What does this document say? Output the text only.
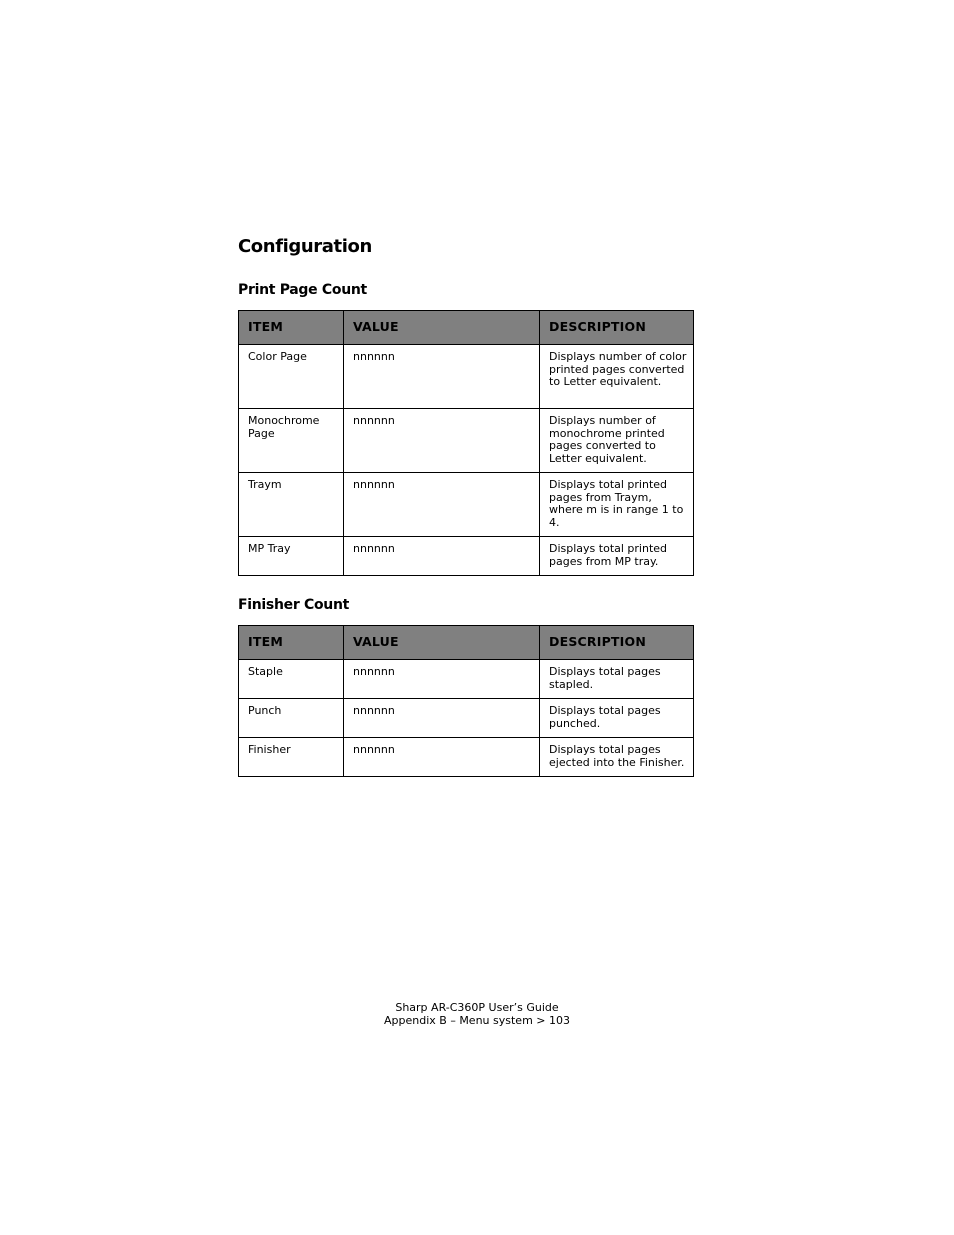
Configuration
Print Page Count
ITEM	VALUE	DESCRIPTION
Color Page	nnnnnn	Displays number of color printed pages converted to Letter equivalent.
Monochrome Page	nnnnnn	Displays number of monochrome printed pages converted to Letter equivalent.
Traym	nnnnnn	Displays total printed pages from Traym, where m is in range 1 to 4.
MP Tray	nnnnnn	Displays total printed pages from MP tray.
Finisher Count
ITEM	VALUE	DESCRIPTION
Staple	nnnnnn	Displays total pages stapled.
Punch	nnnnnn	Displays total pages punched.
Finisher	nnnnnn	Displays total pages ejected into the Finisher.
Sharp AR-C360P User’s Guide
Appendix B – Menu system > 103
